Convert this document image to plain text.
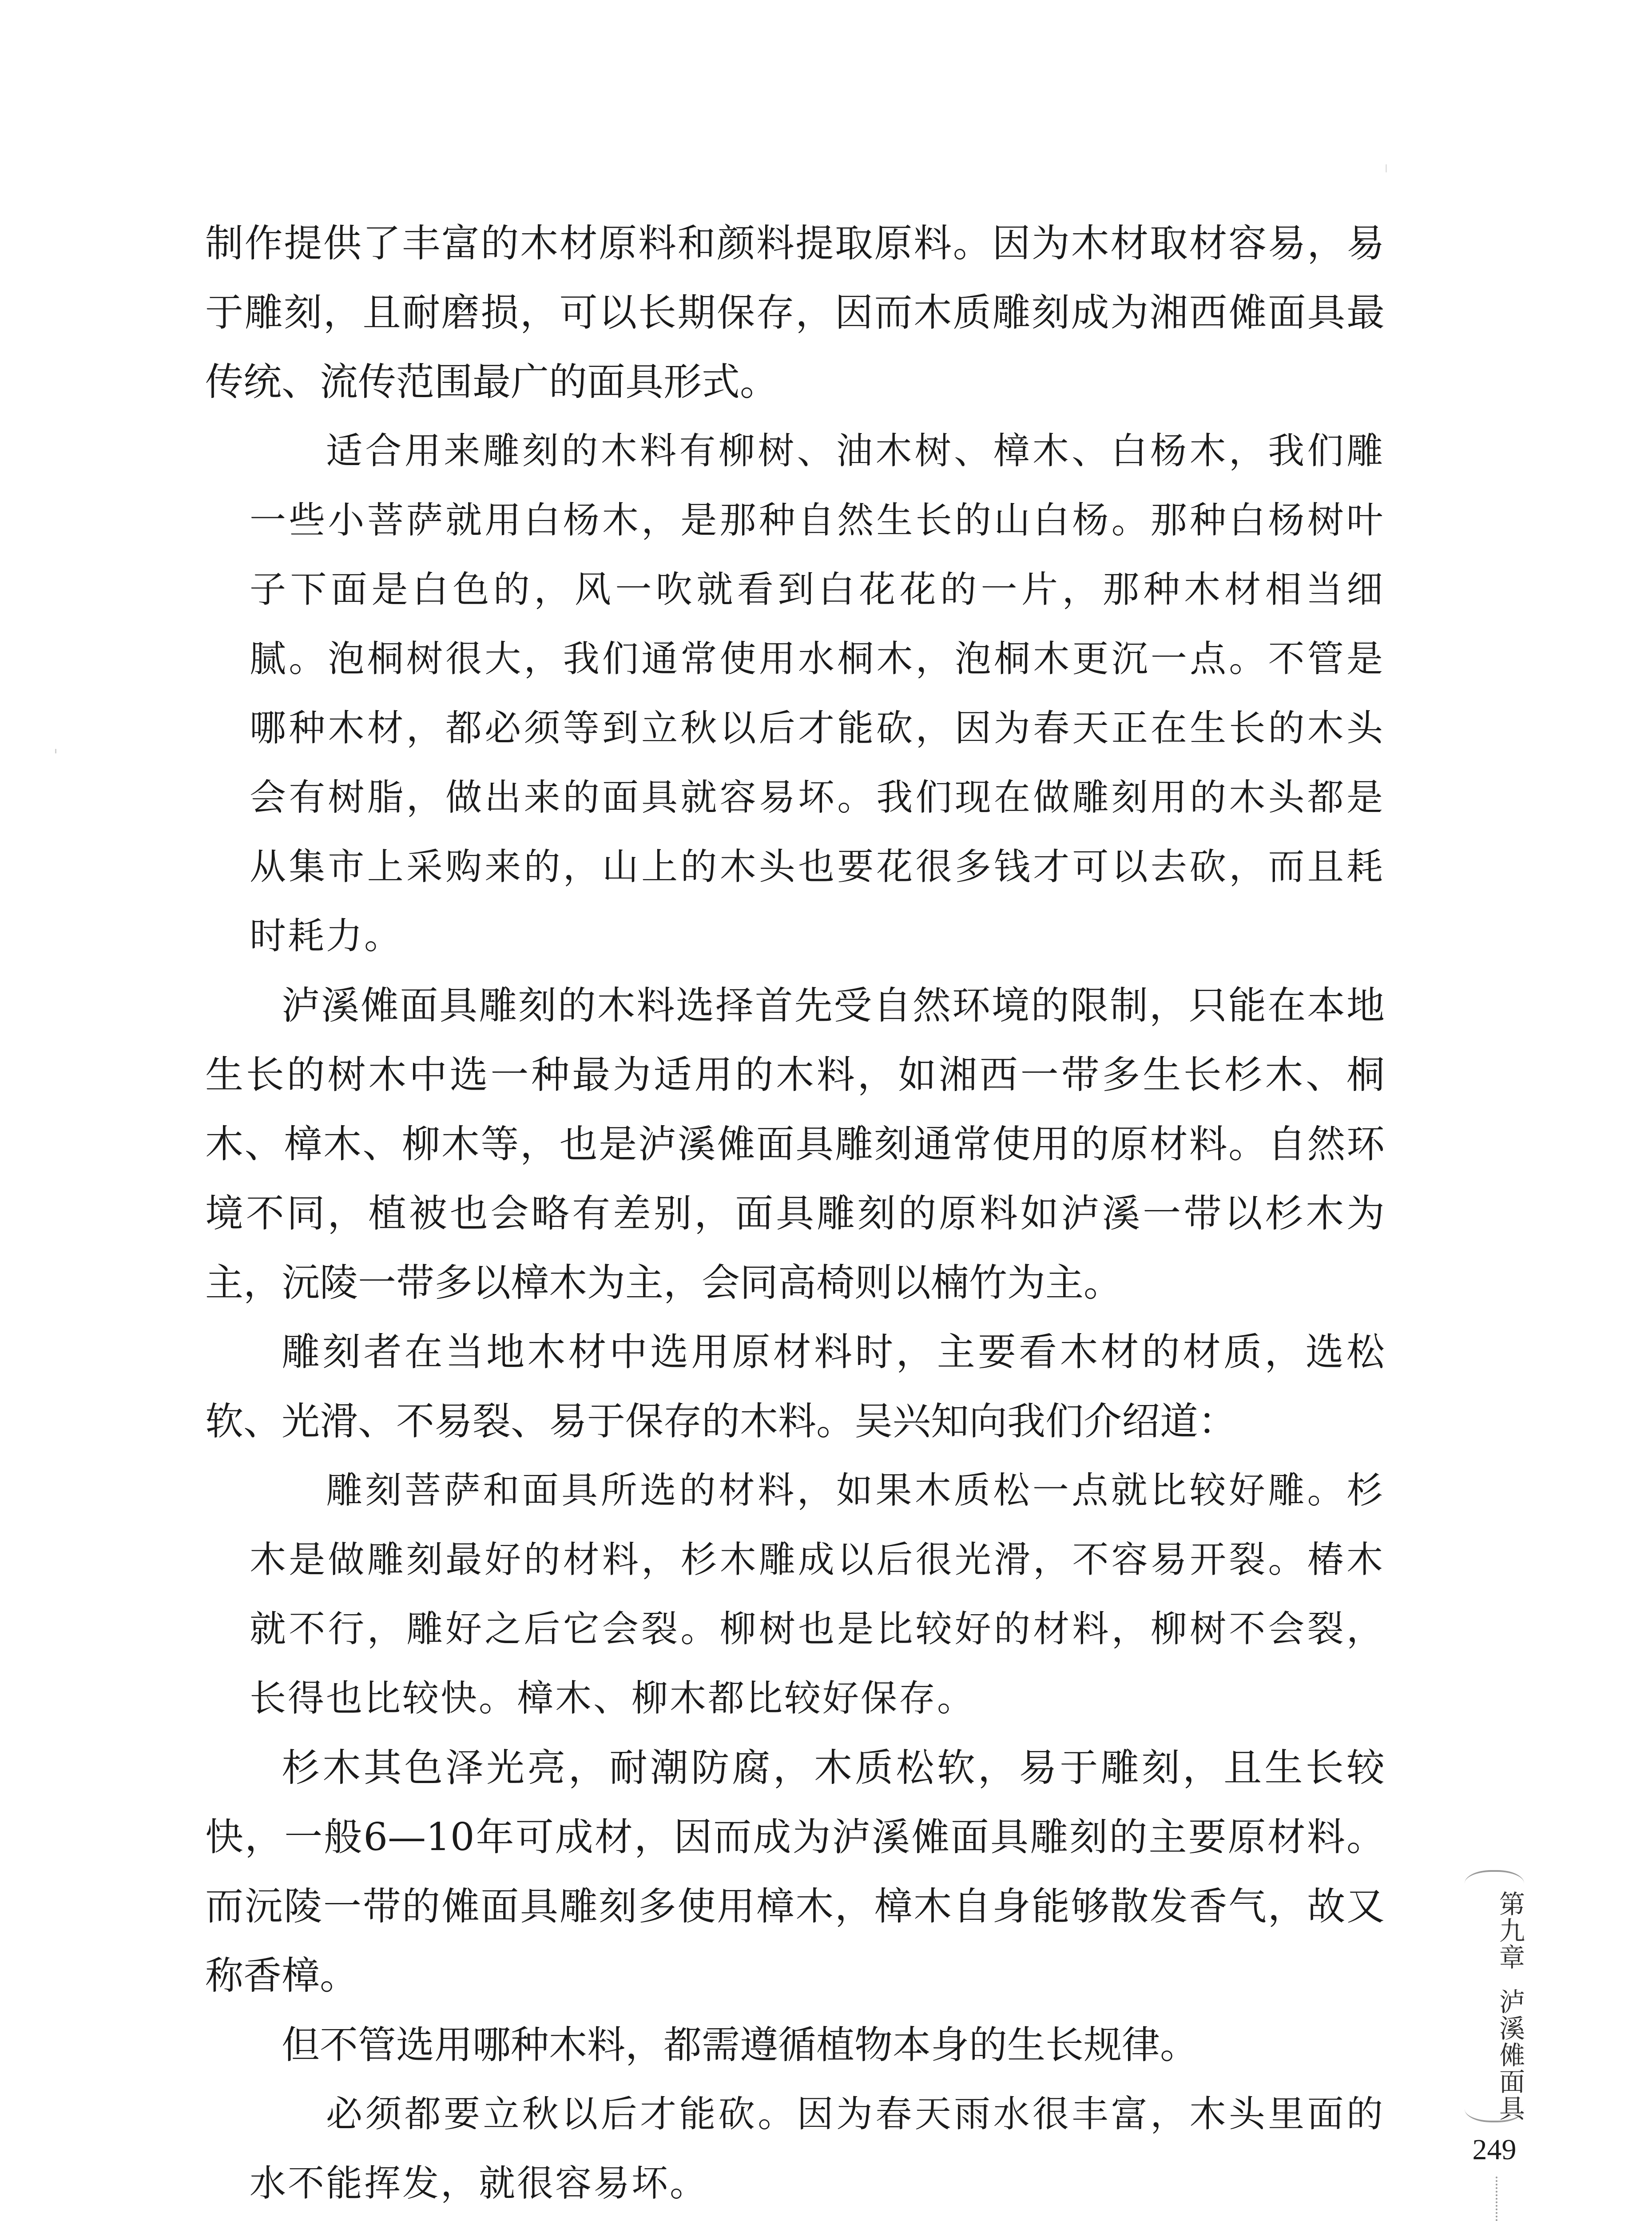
制作提供了丰富的木材原料和颜料提取原料。因为木材取材容易，易于雕刻，且耐磨损，可以长期保存，因而木质雕刻成为湘西傩面具最传统、流传范围最广的面具形式。

适合用来雕刻的木料有柳树、油木树、樟木、白杨木，我们雕一些小菩萨就用白杨木，是那种自然生长的山白杨。那种白杨树叶子下面是白色的，风一吹就看到白花花的一片，那种木材相当细腻。泡桐树很大，我们通常使用水桐木，泡桐木更沉一点。不管是哪种木材，都必须等到立秋以后才能砍，因为春天正在生长的木头会有树脂，做出来的面具就容易坏。我们现在做雕刻用的木头都是从集市上采购来的，山上的木头也要花很多钱才可以去砍，而且耗时耗力。

泸溪傩面具雕刻的木料选择首先受自然环境的限制，只能在本地生长的树木中选一种最为适用的木料，如湘西一带多生长杉木、桐木、樟木、柳木等，也是泸溪傩面具雕刻通常使用的原材料。自然环境不同，植被也会略有差别，面具雕刻的原料如泸溪一带以杉木为主，沅陵一带多以樟木为主，会同高椅则以楠竹为主。

雕刻者在当地木材中选用原材料时，主要看木材的材质，选松软、光滑、不易裂、易于保存的木料。吴兴知向我们介绍道：

雕刻菩萨和面具所选的材料，如果木质松一点就比较好雕。杉木是做雕刻最好的材料，杉木雕成以后很光滑，不容易开裂。椿木就不行，雕好之后它会裂。柳树也是比较好的材料，柳树不会裂，长得也比较快。樟木、柳木都比较好保存。

杉木其色泽光亮，耐潮防腐，木质松软，易于雕刻，且生长较快，一般6—10年可成材，因而成为泸溪傩面具雕刻的主要原材料。而沅陵一带的傩面具雕刻多使用樟木，樟木自身能够散发香气，故又称香樟。

但不管选用哪种木料，都需遵循植物本身的生长规律。

必须都要立秋以后才能砍。因为春天雨水很丰富，木头里面的水不能挥发，就很容易坏。

第九章泸溪傩面具
249
